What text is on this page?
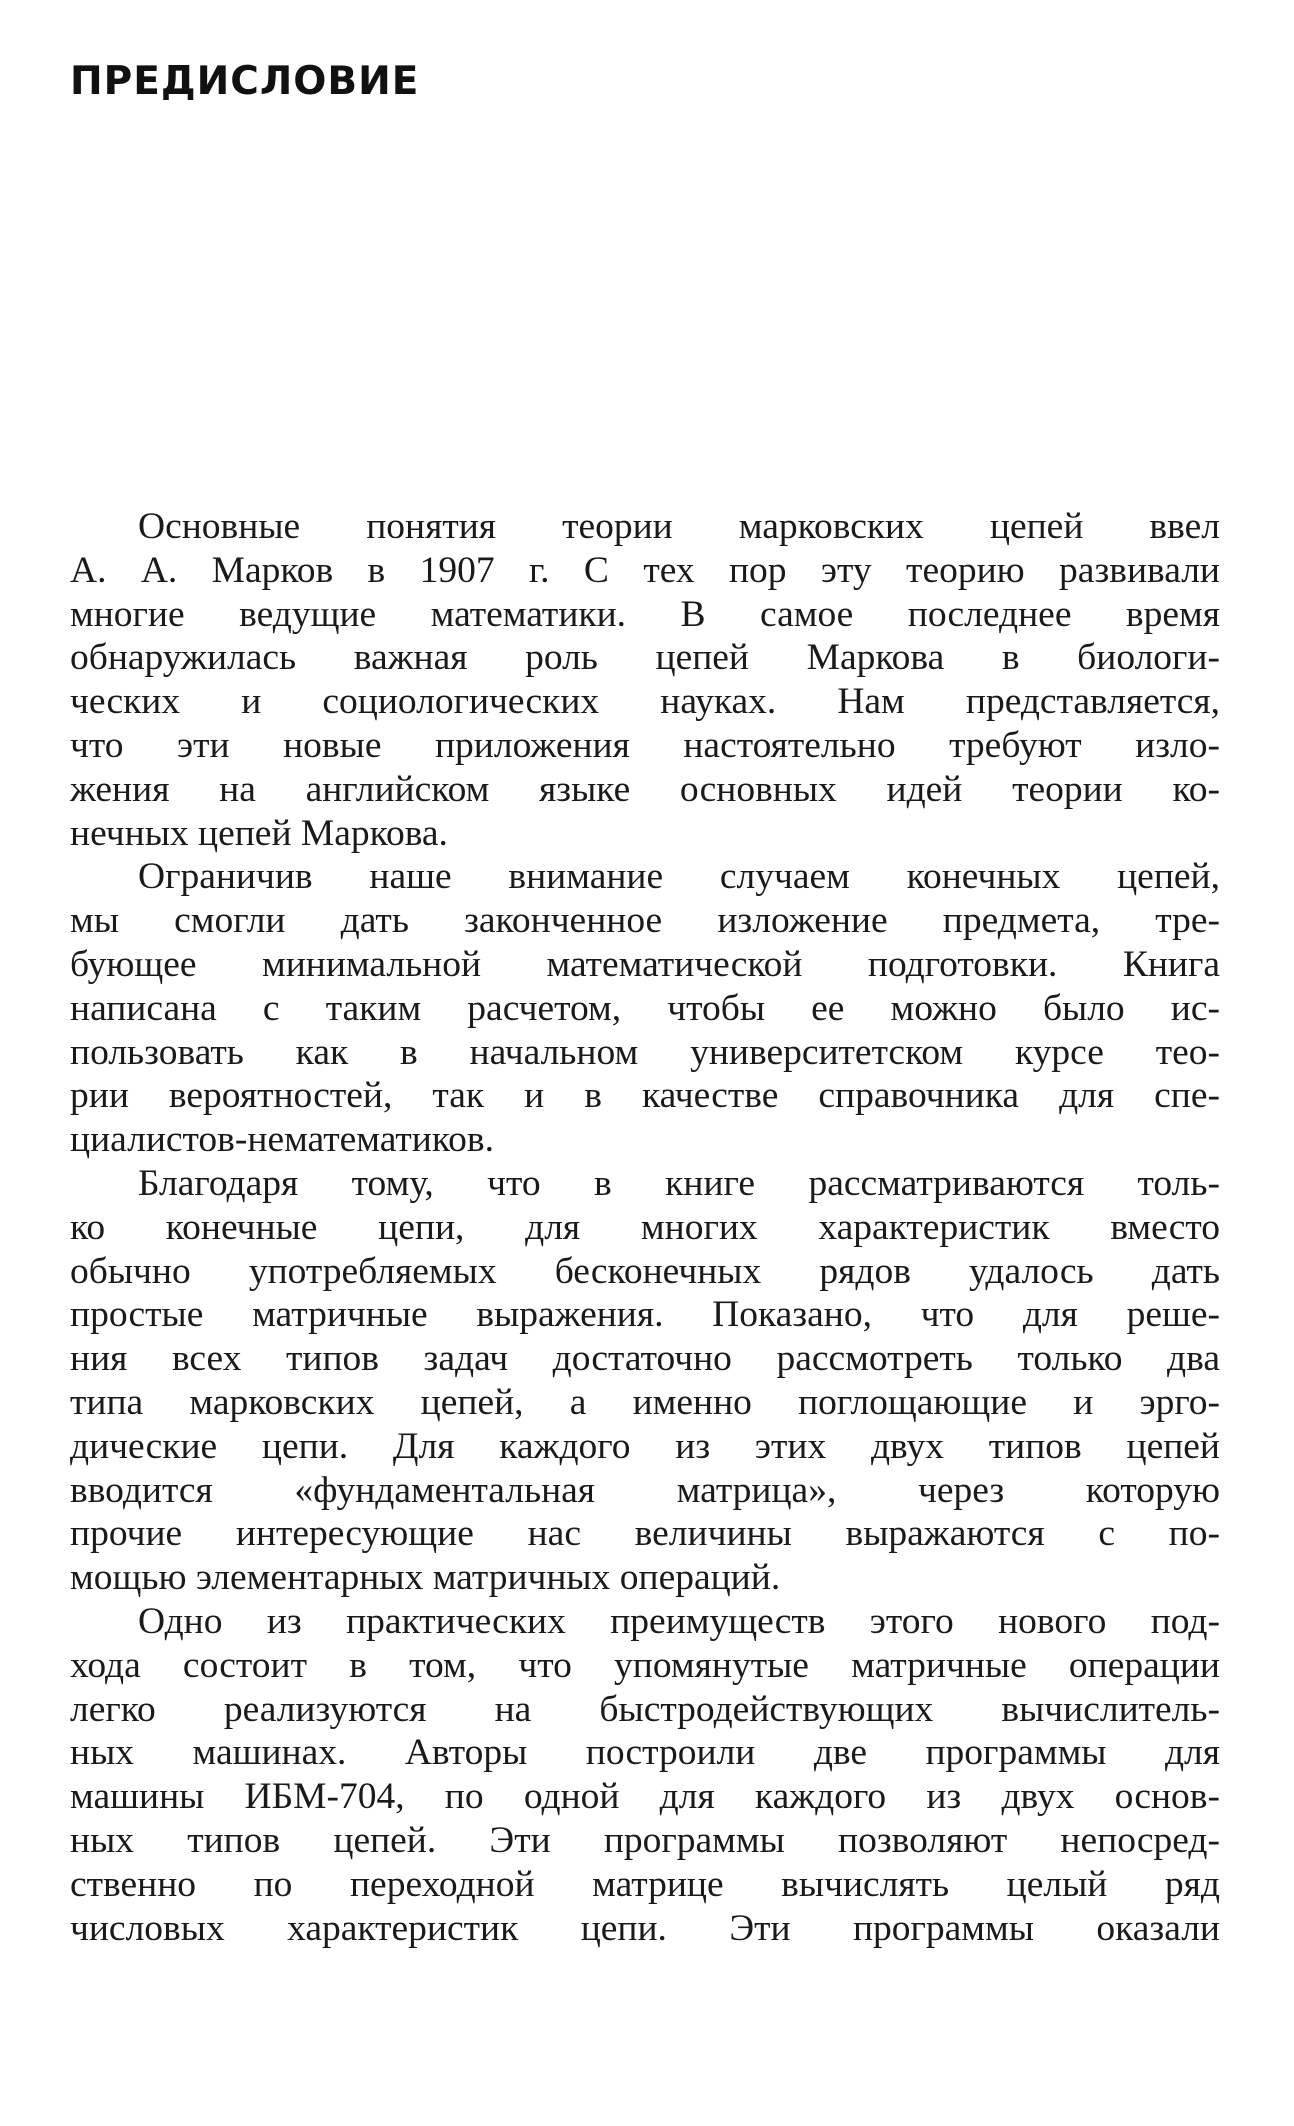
ПРЕДИСЛОВИЕ

Основные понятия теории марковских цепей ввел
А. А. Марков в 1907 г. С тех пор эту теорию развивали
многие ведущие математики. В самое последнее время
обнаружилась важная роль цепей Маркова в биологи-
ческих и социологических науках. Нам представляется,
что эти новые приложения настоятельно требуют изло-
жения на английском языке основных идей теории ко-
нечных цепей Маркова.

Ограничив наше внимание случаем конечных цепей,
мы смогли дать законченное изложение предмета, тре-
бующее минимальной математической подготовки. Книга
написана с таким расчетом, чтобы ее можно было ис-
пользовать как в начальном университетском курсе тео-
рии вероятностей, так и в качестве справочника для спе-
циалистов-нематематиков.

Благодаря тому, что в книге рассматриваются толь-
ко конечные цепи, для многих характеристик вместо
обычно употребляемых бесконечных рядов удалось дать
простые матричные выражения. Показано, что для реше-
ния всех типов задач достаточно рассмотреть только два
типа марковских цепей, а именно поглощающие и эрго-
дические цепи. Для каждого из этих двух типов цепей
вводится «фундаментальная матрица», через которую
прочие интересующие нас величины выражаются с по-
мощью элементарных матричных операций.

Одно из практических преимуществ этого нового под-
хода состоит в том, что упомянутые матричные операции
легко реализуются на быстродействующих вычислитель-
ных машинах. Авторы построили две программы для
машины ИБМ-704, по одной для каждого из двух основ-
ных типов цепей. Эти программы позволяют непосред-
ственно по переходной матрице вычислять целый ряд
числовых характеристик цепи. Эти программы оказали
